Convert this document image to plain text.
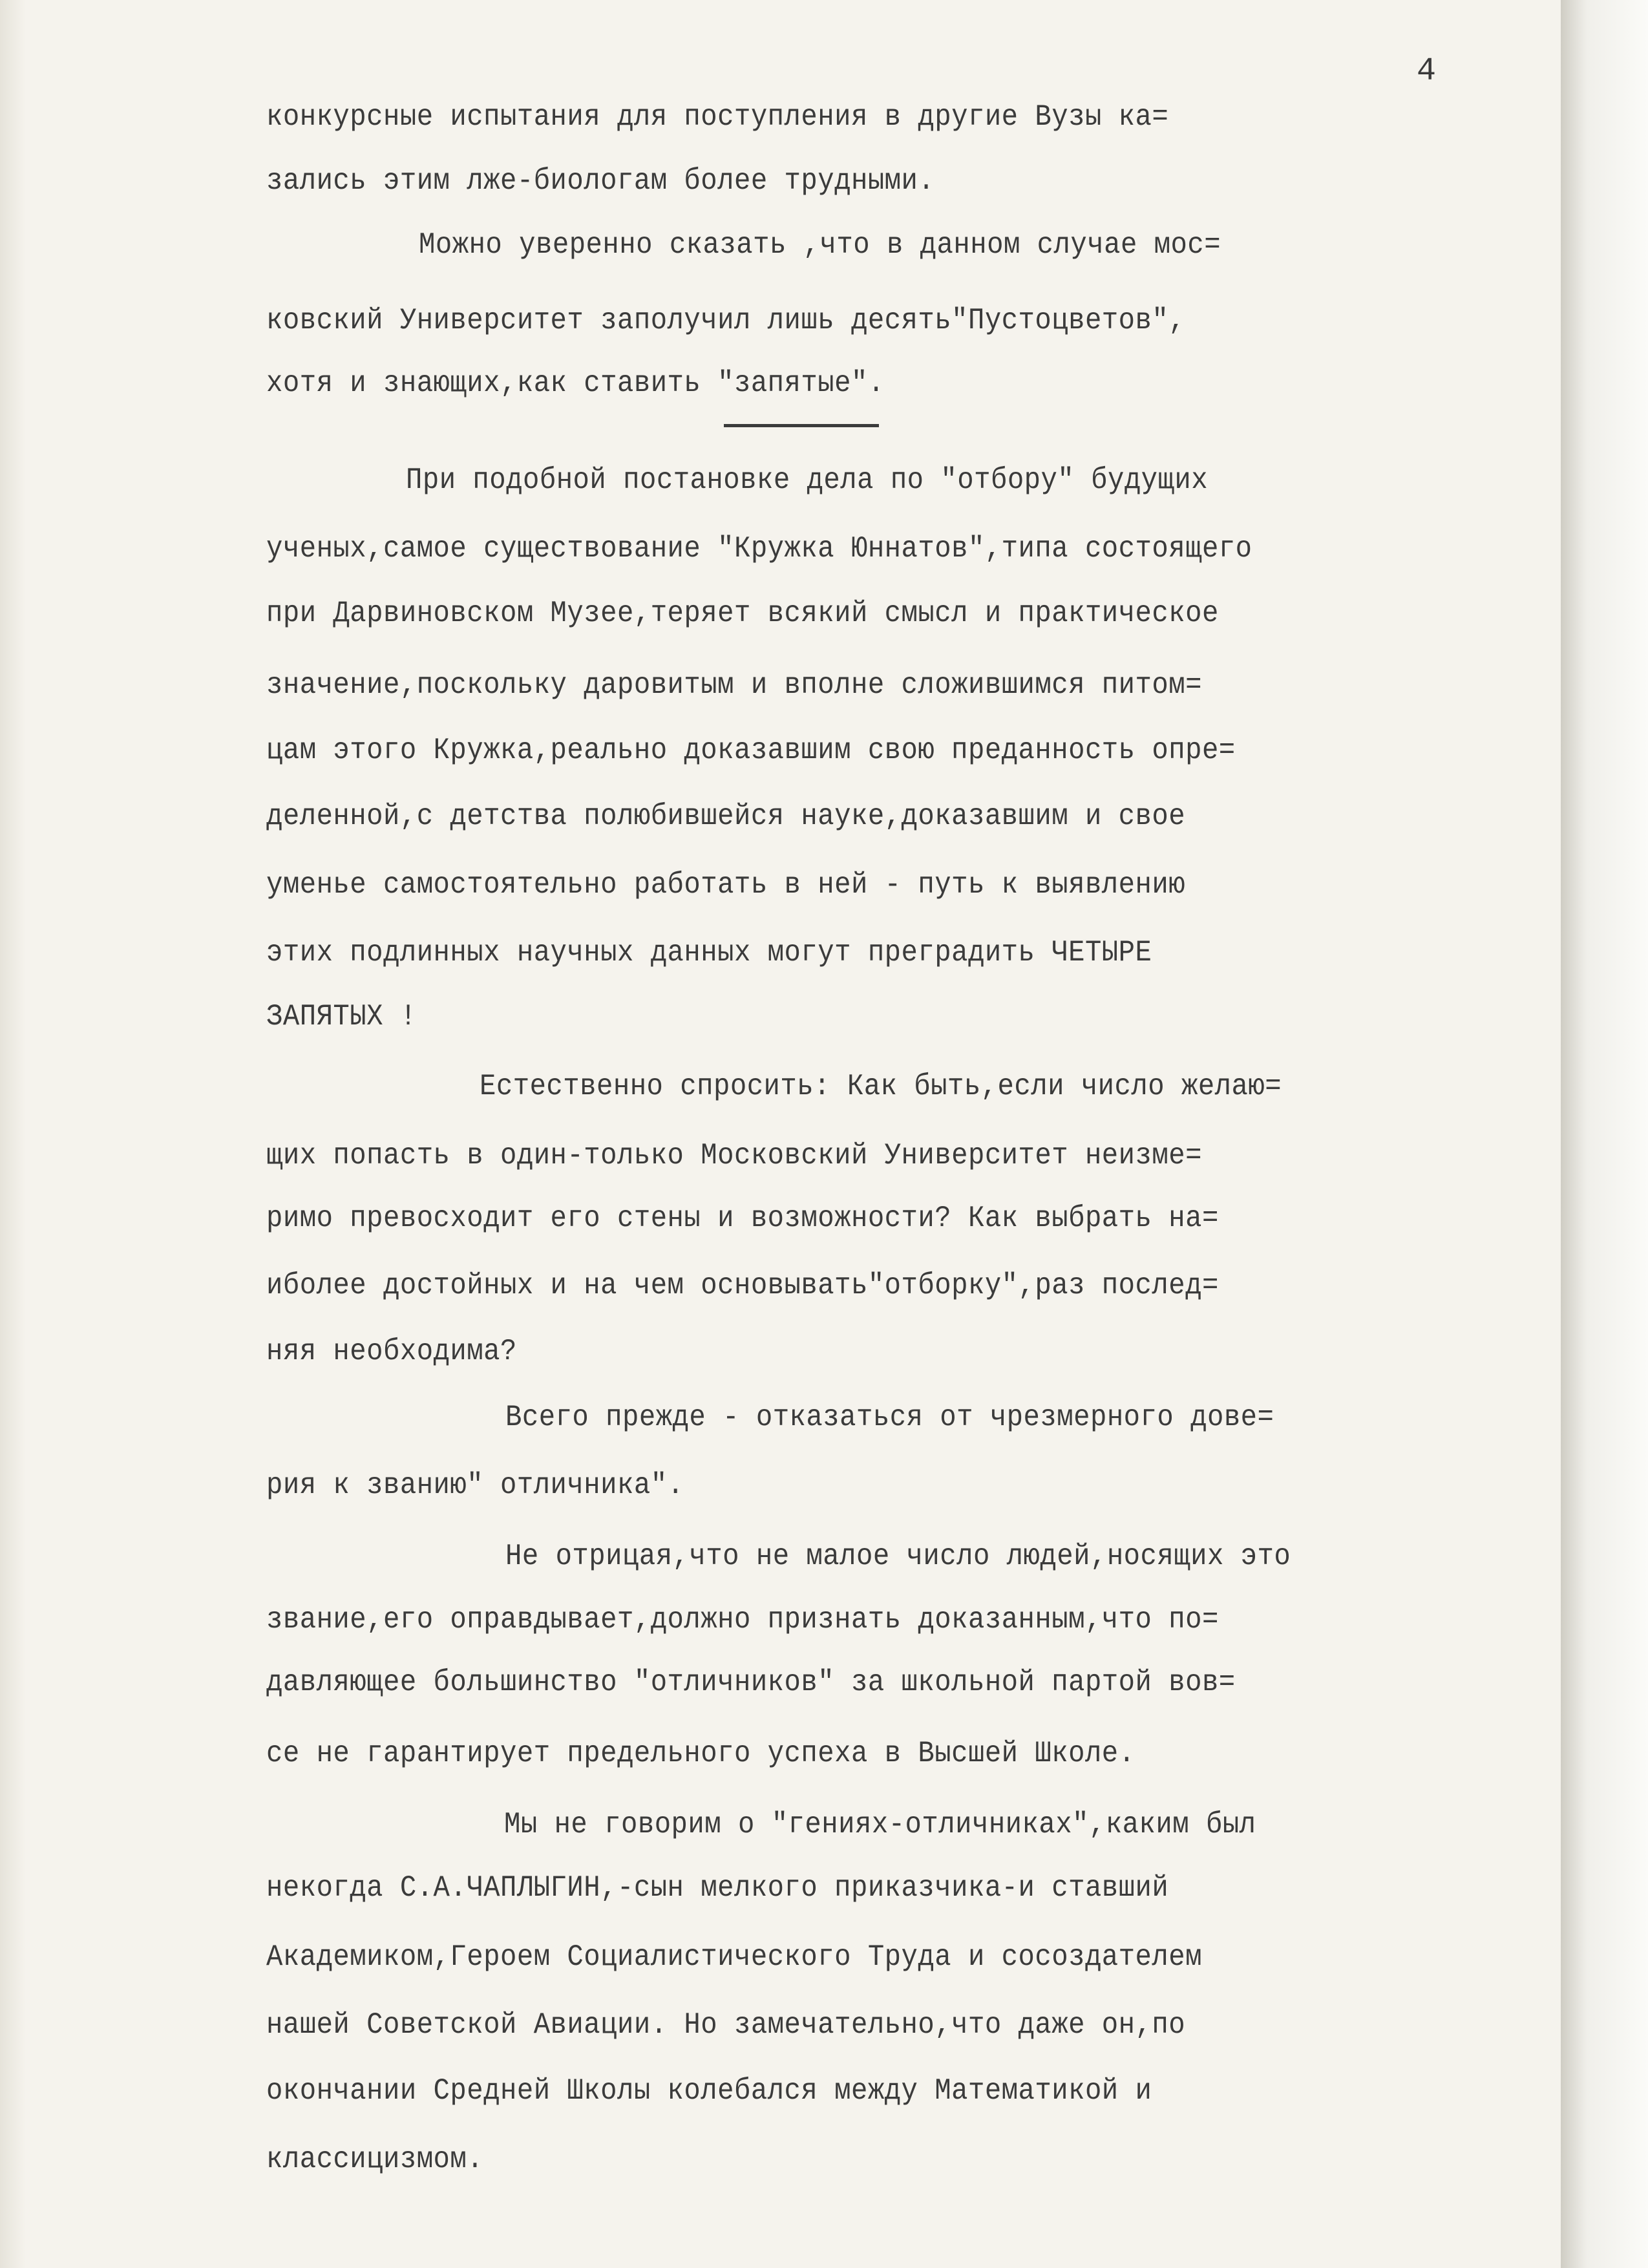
4
конкурсные испытания для поступления в другие Вузы ка=
зались этим лже-биологам более трудными.
Можно уверенно сказать ,что в данном случае мос=
ковский Университет заполучил лишь десять"Пустоцветов",
хотя и знающих,как ставить "запятые".
При подобной постановке дела по "отбору" будущих
ученых,самое существование "Кружка Юннатов",типа состоящего
при Дарвиновском Музее,теряет всякий смысл и практическое
значение,поскольку даровитым и вполне сложившимся питом=
цам этого Кружка,реально доказавшим свою преданность опре=
деленной,с детства полюбившейся науке,доказавшим и свое
уменье самостоятельно работать в ней - путь к выявлению
этих подлинных научных данных могут преградить ЧЕТЫРЕ
ЗАПЯТЫХ !
Естественно спросить: Как быть,если число желаю=
щих попасть в один-только Московский Университет неизме=
римо превосходит его стены и возможности? Как выбрать на=
иболее достойных и на чем основывать"отборку",раз послед=
няя необходима?
Всего прежде - отказаться от чрезмерного дове=
рия к званию" отличника".
Не отрицая,что не малое число людей,носящих это
звание,его оправдывает,должно признать доказанным,что по=
давляющее большинство "отличников" за школьной партой вов=
се не гарантирует предельного успеха в Высшей Школе.
Мы не говорим о "гениях-отличниках",каким был
некогда С.А.ЧАПЛЫГИН,-сын мелкого приказчика-и ставший
Академиком,Героем Социалистического Труда и сосоздателем
нашей Советской Авиации. Но замечательно,что даже он,по
окончании Средней Школы колебался между Математикой и
классицизмом.
